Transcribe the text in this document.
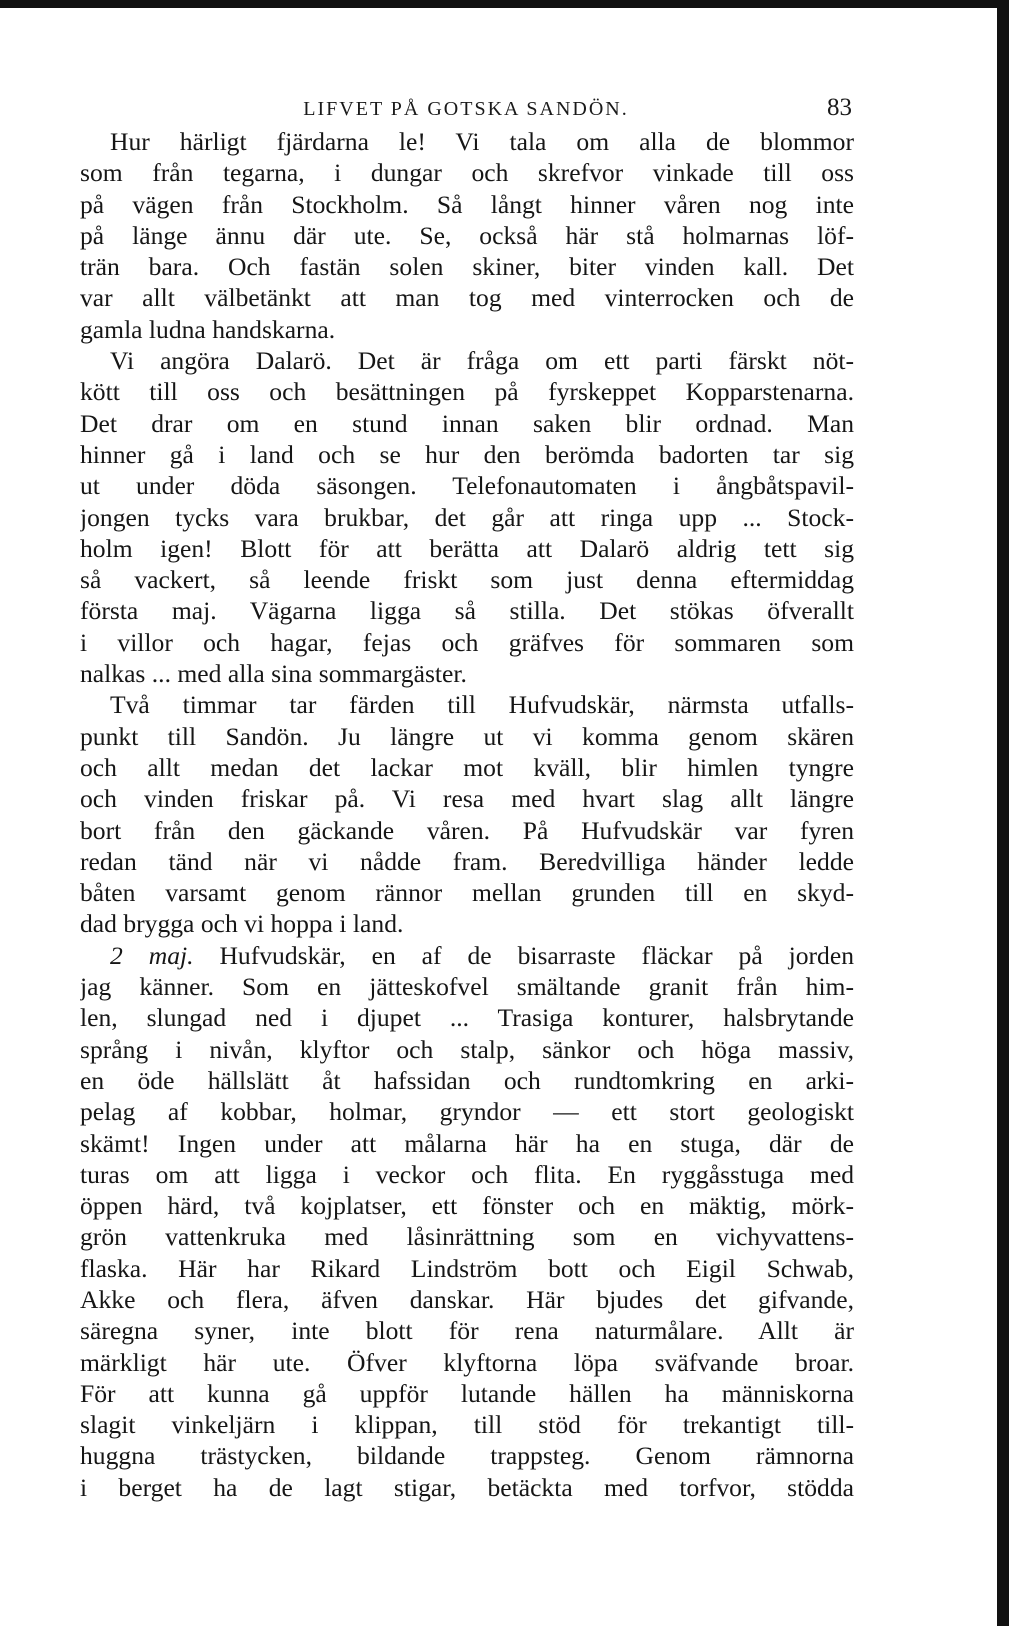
LIFVET PÅ GOTSKA SANDÖN.	83
Hur härligt fjärdarna le! Vi tala om alla de blommor
som från tegarna, i dungar och skrefvor vinkade till oss
på vägen från Stockholm. Så långt hinner våren nog inte
på länge ännu där ute. Se, också här stå holmarnas löf-
trän bara. Och fastän solen skiner, biter vinden kall. Det
var allt välbetänkt att man tog med vinterrocken och de
gamla ludna handskarna.
Vi angöra Dalarö. Det är fråga om ett parti färskt nöt-
kött till oss och besättningen på fyrskeppet Kopparstenarna.
Det drar om en stund innan saken blir ordnad. Man
hinner gå i land och se hur den berömda badorten tar sig
ut under döda säsongen. Telefonautomaten i ångbåtspavil-
jongen tycks vara brukbar, det går att ringa upp ... Stock-
holm igen! Blott för att berätta att Dalarö aldrig tett sig
så vackert, så leende friskt som just denna eftermiddag
första maj. Vägarna ligga så stilla. Det stökas öfverallt
i villor och hagar, fejas och gräfves för sommaren som
nalkas ... med alla sina sommargäster.
Två timmar tar färden till Hufvudskär, närmsta utfalls-
punkt till Sandön. Ju längre ut vi komma genom skären
och allt medan det lackar mot kväll, blir himlen tyngre
och vinden friskar på. Vi resa med hvart slag allt längre
bort från den gäckande våren. På Hufvudskär var fyren
redan tänd när vi nådde fram. Beredvilliga händer ledde
båten varsamt genom rännor mellan grunden till en skyd-
dad brygga och vi hoppa i land.
2 maj. Hufvudskär, en af de bisarraste fläckar på jorden
jag känner. Som en jätteskofvel smältande granit från him-
len, slungad ned i djupet ... Trasiga konturer, halsbrytande
språng i nivån, klyftor och stalp, sänkor och höga massiv,
en öde hällslätt åt hafssidan och rundtomkring en arki-
pelag af kobbar, holmar, gryndor — ett stort geologiskt
skämt! Ingen under att målarna här ha en stuga, där de
turas om att ligga i veckor och flita. En ryggåsstuga med
öppen härd, två kojplatser, ett fönster och en mäktig, mörk-
grön vattenkruka med låsinrättning som en vichyvattens-
flaska. Här har Rikard Lindström bott och Eigil Schwab,
Akke och flera, äfven danskar. Här bjudes det gifvande,
säregna syner, inte blott för rena naturmålare. Allt är
märkligt här ute. Öfver klyftorna löpa sväfvande broar.
För att kunna gå uppför lutande hällen ha människorna
slagit vinkeljärn i klippan, till stöd för trekantigt till-
huggna trästycken, bildande trappsteg. Genom rämnorna
i berget ha de lagt stigar, betäckta med torfvor, stödda
